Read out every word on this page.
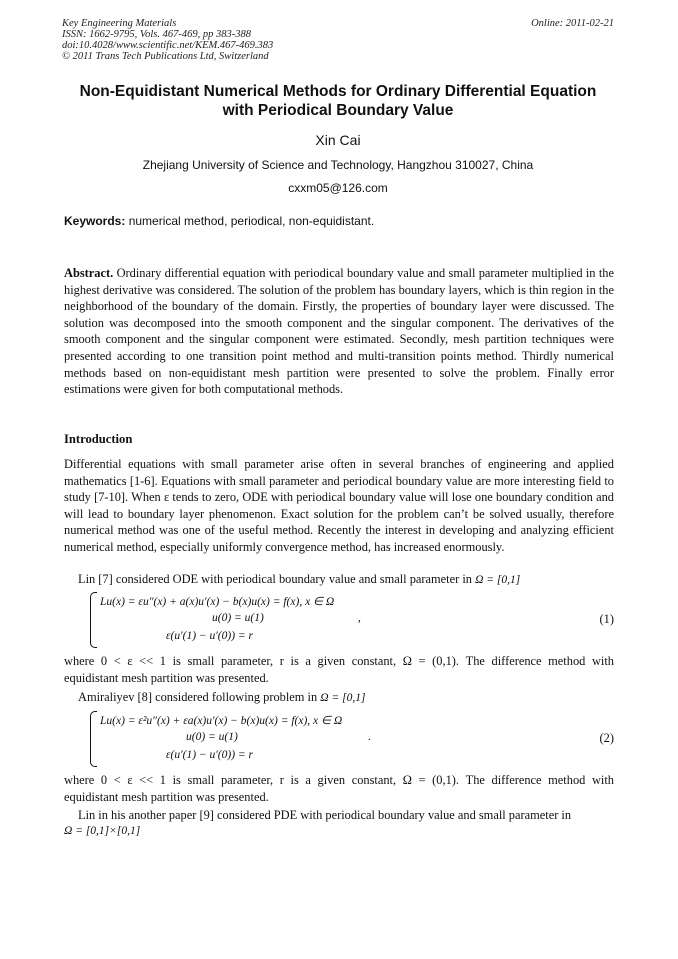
Key Engineering Materials	Online: 2011-02-21
ISSN: 1662-9795, Vols. 467-469, pp 383-388
doi:10.4028/www.scientific.net/KEM.467-469.383
© 2011 Trans Tech Publications Ltd, Switzerland
Non-Equidistant Numerical Methods for Ordinary Differential Equation
with Periodical Boundary Value
Xin Cai
Zhejiang University of Science and Technology, Hangzhou 310027, China
cxxm05@126.com
Keywords: numerical method, periodical, non-equidistant.

Abstract. Ordinary differential equation with periodical boundary value and small parameter multiplied in the highest derivative was considered. The solution of the problem has boundary layers, which is thin region in the neighborhood of the boundary of the domain. Firstly, the properties of boundary layer were discussed. The solution was decomposed into the smooth component and the singular component. The derivatives of the smooth component and the singular component were estimated. Secondly, mesh partition techniques were presented according to one transition point method and multi-transition points method. Thirdly numerical methods based on non-equidistant mesh partition were presented to solve the problem. Finally error estimations were given for both computational methods.

Introduction

Differential equations with small parameter arise often in several branches of engineering and applied mathematics [1-6]. Equations with small parameter and periodical boundary value are more interesting field to study [7-10]. When ε tends to zero, ODE with periodical boundary value will lose one boundary condition and will lead to boundary layer phenomenon. Exact solution for the problem can’t be solved usually, therefore numerical method was one of the useful method. Recently the interest in developing and analyzing efficient numerical method, especially uniformly convergence method, has increased enormously.

Lin [7] considered ODE with periodical boundary value and small parameter in Ω = [0,1]
Lu(x) = εu″(x) + a(x)u′(x) − b(x)u(x) = f(x), x ∈ Ω
u(0) = u(1)	,
ε(u′(1) − u′(0)) = r
(1)
where 0 < ε << 1 is small parameter, r is a given constant, Ω = (0,1). The difference method with
equidistant mesh partition was presented.
Amiraliyev [8] considered following problem in Ω = [0,1]
Lu(x) = ε²u″(x) + εa(x)u′(x) − b(x)u(x) = f(x), x ∈ Ω
u(0) = u(1)	.
ε(u′(1) − u′(0)) = r
(2)
where 0 < ε << 1 is small parameter, r is a given constant, Ω = (0,1). The difference method with
equidistant mesh partition was presented.
Lin in his another paper [9] considered PDE with periodical boundary value and small parameter in
Ω = [0,1]×[0,1]
